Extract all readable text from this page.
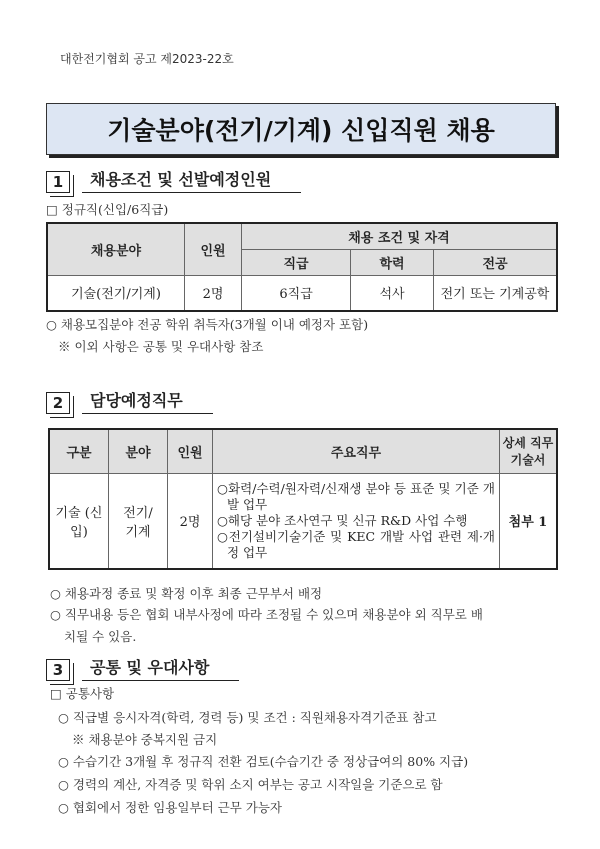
대한전기협회 공고 제2023-22호
기술분야(전기/기계) 신입직원 채용
1	채용조건 및 선발예정인원
□ 정규직(신입/6직급)
채용분야	인원	채용 조건 및 자격		
		직급	학력	전공
기술(전기/기계)	2명	6직급	석사	전기 또는 기계공학
○ 채용모집분야 전공 학위 취득자(3개월 이내 예정자 포함)
※ 이외 사항은 공통 및 우대사항 참조
2	담당예정직무
구분	분야	인원	주요직무	상세 직무기술서
기술 (신입)	전기/ 기계	2명	○화력/수력/원자력/신재생 분야 등 표준 및 기준 개발 업무
○해당 분야 조사연구 및 신규 R&D 사업 수행
○전기설비기술기준 및 KEC 개발 사업 관련 제·개정 업무	첨부 1
○ 채용과정 종료 및 확정 이후 최종 근무부서 배정
○ 직무내용 등은 협회 내부사정에 따라 조정될 수 있으며 채용분야 외 직무로 배치될 수 있음.
3	공통 및 우대사항
□ 공통사항
○ 직급별 응시자격(학력, 경력 등) 및 조건 : 직원채용자격기준표 참고
※ 채용분야 중복지원 금지
○ 수습기간 3개월 후 정규직 전환 검토(수습기간 중 정상급여의 80% 지급)
○ 경력의 계산, 자격증 및 학위 소지 여부는 공고 시작일을 기준으로 함
○ 협회에서 정한 임용일부터 근무 가능자
